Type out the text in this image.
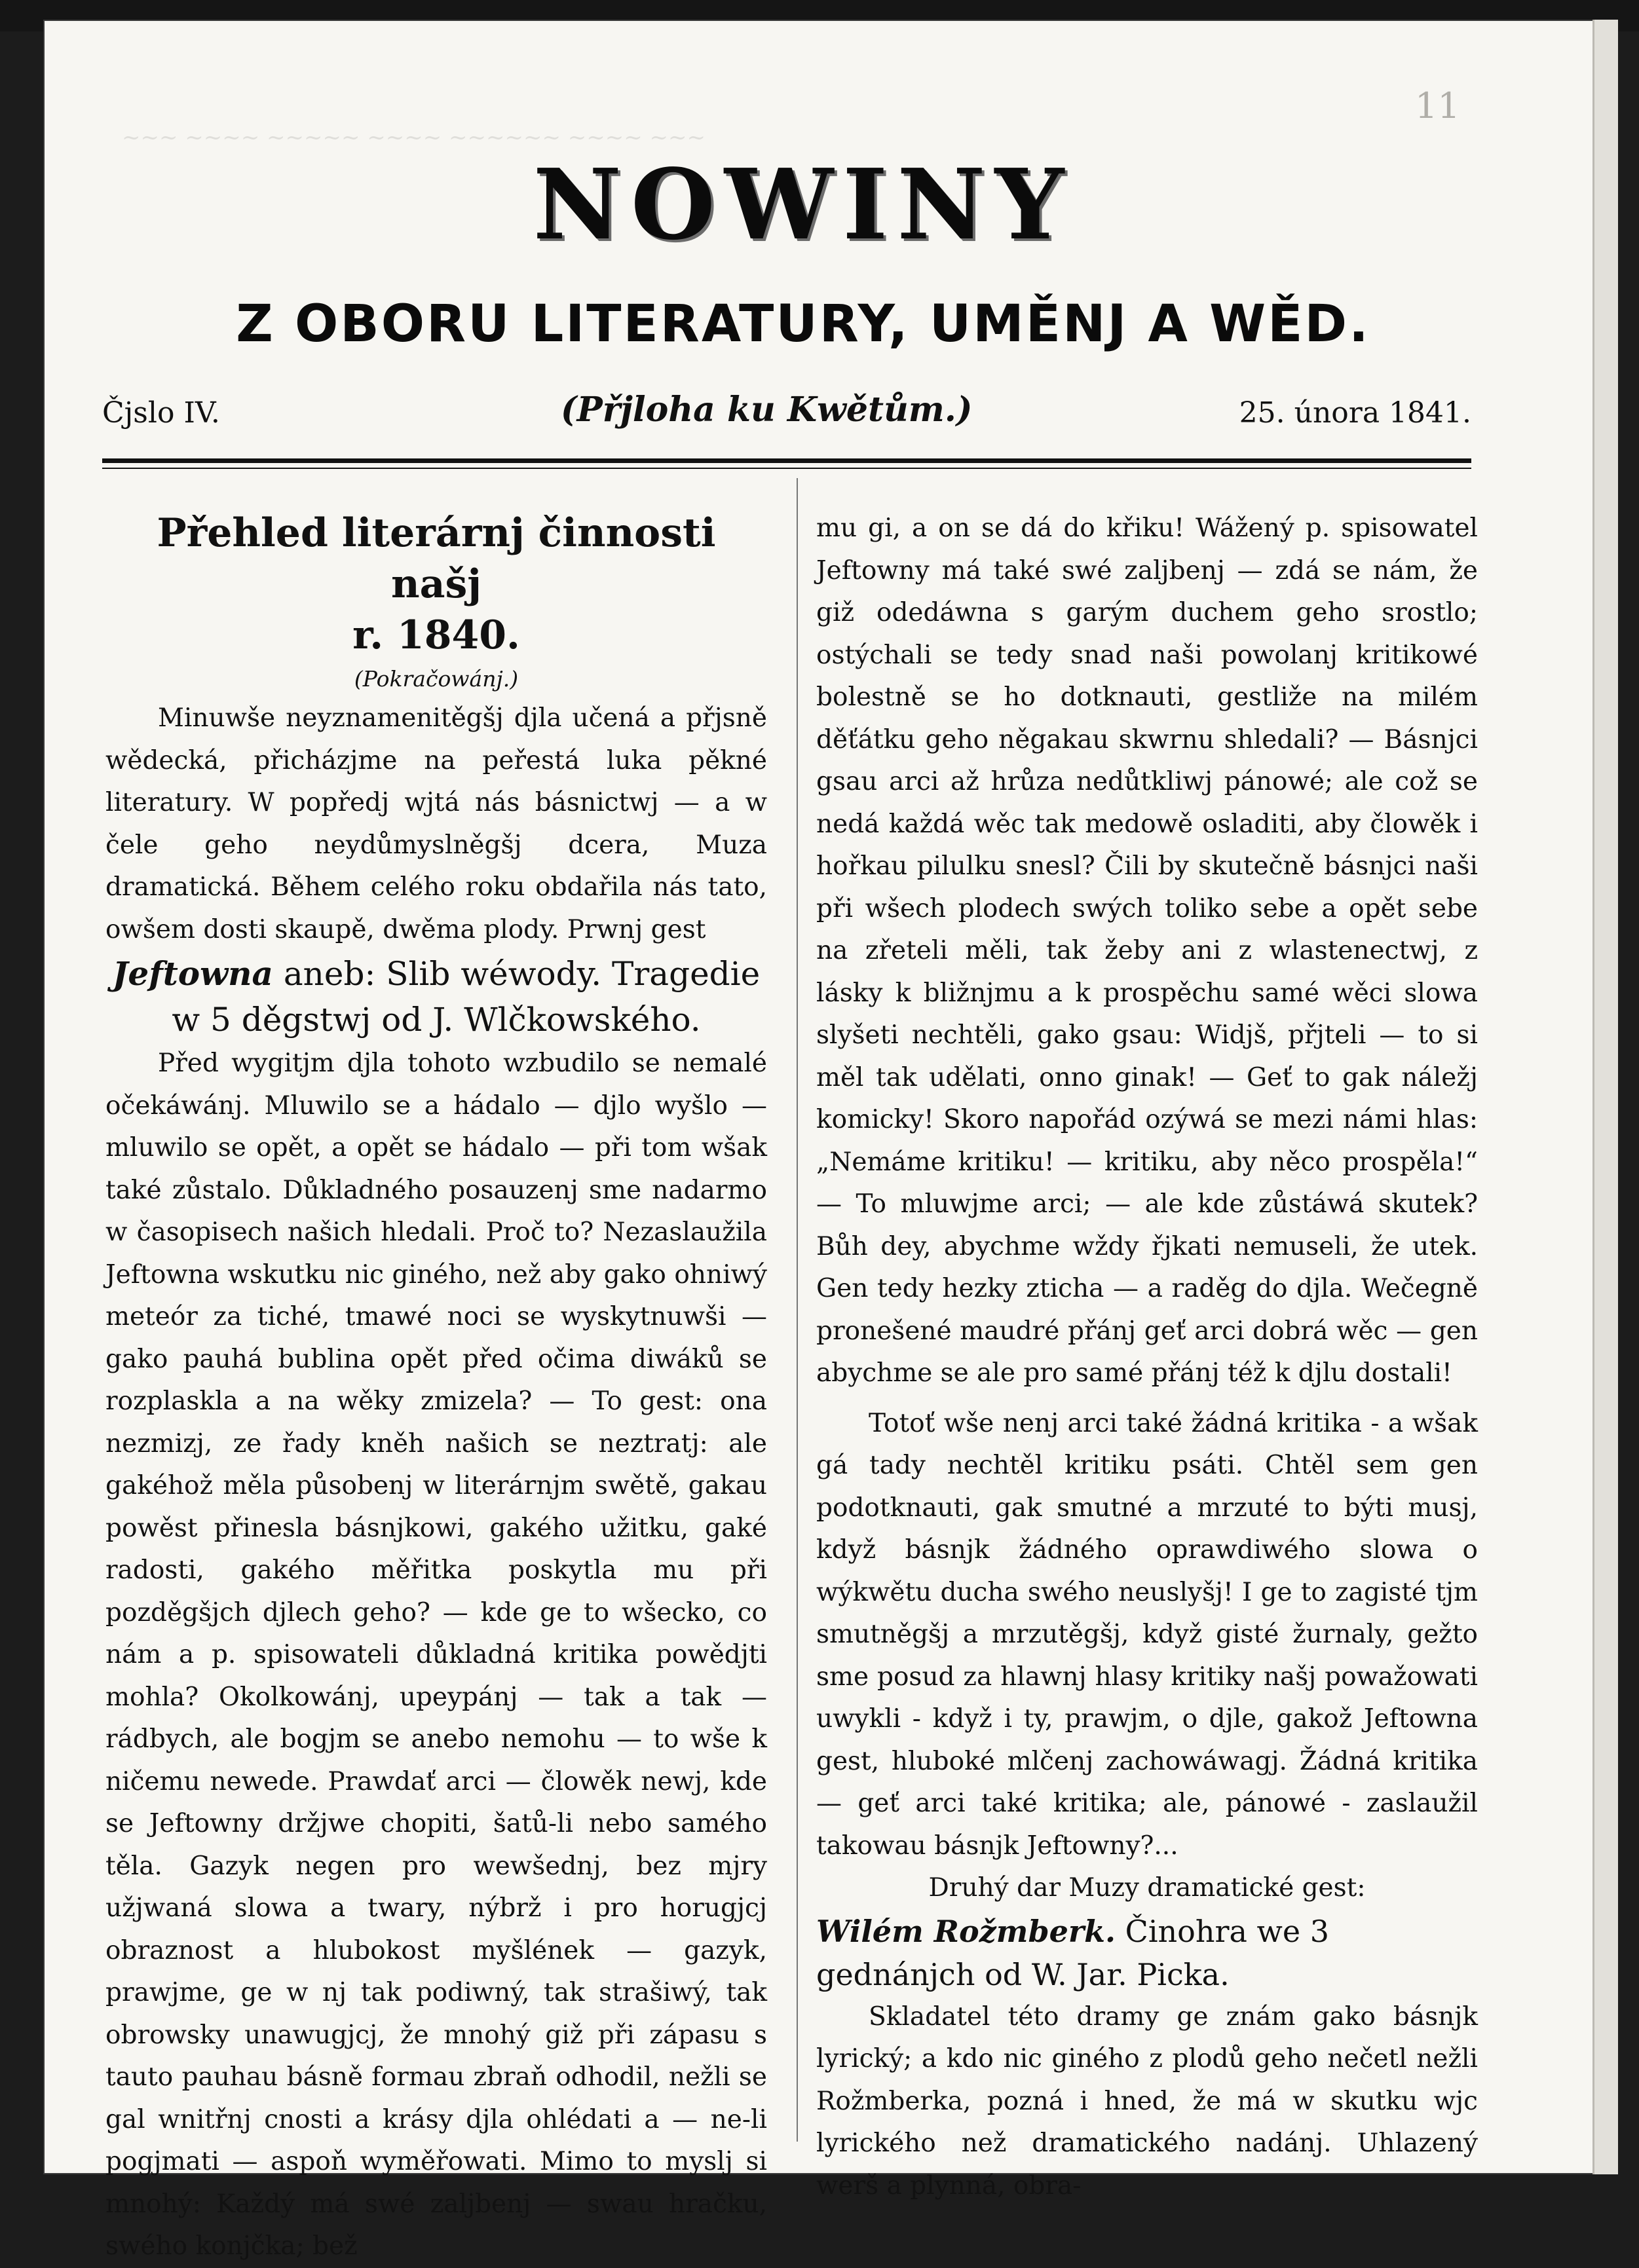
~~~ ~~~~ ~~~~~ ~~~~ ~~~~~~ ~~~~ ~~~
11
NOWINY
Z OBORU LITERATURY, UMĚNJ A WĚD.
Čjslo IV.	(Přjloha ku Kwětům.)	25. února 1841.

Přehled literárnj činnosti našj

r. 1840.

(Pokračowánj.)

Minuwše neyznamenitěgšj djla učená a přjsně wědecká, přicházjme na peřestá luka pěkné literatury. W popředj wjtá nás básnictwj — a w čele geho neydůmyslněgšj dcera, Muza dramatická. Během celého roku obdařila nás tato, owšem dosti skaupě, dwěma plody. Prwnj gest

Jeftowna aneb: Slib wéwody. Tragedie w 5 děgstwj od J. Wlčkowského.

Před wygitjm djla tohoto wzbudilo se nemalé očekáwánj. Mluwilo se a hádalo — djlo wyšlo — mluwilo se opět, a opět se hádalo — při tom wšak také zůstalo. Důkladného posauzenj sme nadarmo w časopisech našich hledali. Proč to? Nezaslaužila Jeftowna wskutku nic giného, než aby gako ohniwý meteór za tiché, tmawé noci se wyskytnuwši — gako pauhá bublina opět před očima diwáků se rozplaskla a na wěky zmizela? — To gest: ona nezmizj, ze řady kněh našich se neztratj: ale gakéhož měla působenj w literárnjm swětě, gakau powěst přinesla básnjkowi, gakého užitku, gaké radosti, gakého měřitka poskytla mu při pozděgšjch djlech geho? — kde ge to wšecko, co nám a p. spisowateli důkladná kritika powědjti mohla? Okolkowánj, upeypánj — tak a tak — rádbych, ale bogjm se anebo nemohu — to wše k ničemu newede. Prawdať arci — člowěk newj, kde se Jeftowny držjwe chopiti, šatů-li nebo samého těla. Gazyk negen pro wewšednj, bez mjry užjwaná slowa a twary, nýbrž i pro horugjcj obraznost a hlubokost myšlének — gazyk, prawjme, ge w nj tak podiwný, tak strašiwý, tak obrowsky unawugjcj, že mnohý giž při zápasu s tauto pauhau básně formau zbraň odhodil, nežli se gal wnitřnj cnosti a krásy djla ohlédati a — ne-li pogjmati — aspoň wyměřowati. Mimo to myslj si mnohý: Každý má swé zaljbenj — swau hračku, swého konjčka; bež

mu gi, a on se dá do křiku! Wážený p. spisowatel Jeftowny má také swé zaljbenj — zdá se nám, že giž odedáwna s garým duchem geho srostlo; ostýchali se tedy snad naši powolanj kritikowé bolestně se ho dotknauti, gestliže na milém děťátku geho něgakau skwrnu shledali? — Básnjci gsau arci až hrůza nedůtkliwj pánowé; ale což se nedá každá wěc tak medowě osladiti, aby člowěk i hořkau pilulku snesl? Čili by skutečně básnjci naši při wšech plodech swých toliko sebe a opět sebe na zřeteli měli, tak žeby ani z wlastenectwj, z lásky k bližnjmu a k prospěchu samé wěci slowa slyšeti nechtěli, gako gsau: Widjš, přjteli — to si měl tak udělati, onno ginak! — Geť to gak náležj komicky! Skoro napořád ozýwá se mezi námi hlas: „Nemáme kritiku! — kritiku, aby něco prospěla!“ — To mluwjme arci; — ale kde zůstáwá skutek? Bůh dey, abychme wždy řjkati nemuseli, že utek. Gen tedy hezky zticha — a raděg do djla. Wečegně pronešené maudré přánj geť arci dobrá wěc — gen abychme se ale pro samé přánj též k djlu dostali!

Totoť wše nenj arci také žádná kritika - a wšak gá tady nechtěl kritiku psáti. Chtěl sem gen podotknauti, gak smutné a mrzuté to býti musj, když básnjk žádného oprawdiwého slowa o wýkwětu ducha swého neuslyšj! I ge to zagisté tjm smutněgšj a mrzutěgšj, když gisté žurnaly, gežto sme posud za hlawnj hlasy kritiky našj powažowati uwykli - když i ty, prawjm, o djle, gakož Jeftowna gest, hluboké mlčenj zachowáwagj. Žádná kritika — geť arci také kritika; ale, pánowé - zaslaužil takowau básnjk Jeftowny?...

Druhý dar Muzy dramatické gest:

Wilém Rožmberk. Činohra we 3 gednánjch od W. Jar. Picka.

Skladatel této dramy ge znám gako básnjk lyrický; a kdo nic giného z plodů geho nečetl nežli Rožmberka, pozná i hned, že má w skutku wjc lyrického než dramatického nadánj. Uhlazený werš a plynná, obra-
